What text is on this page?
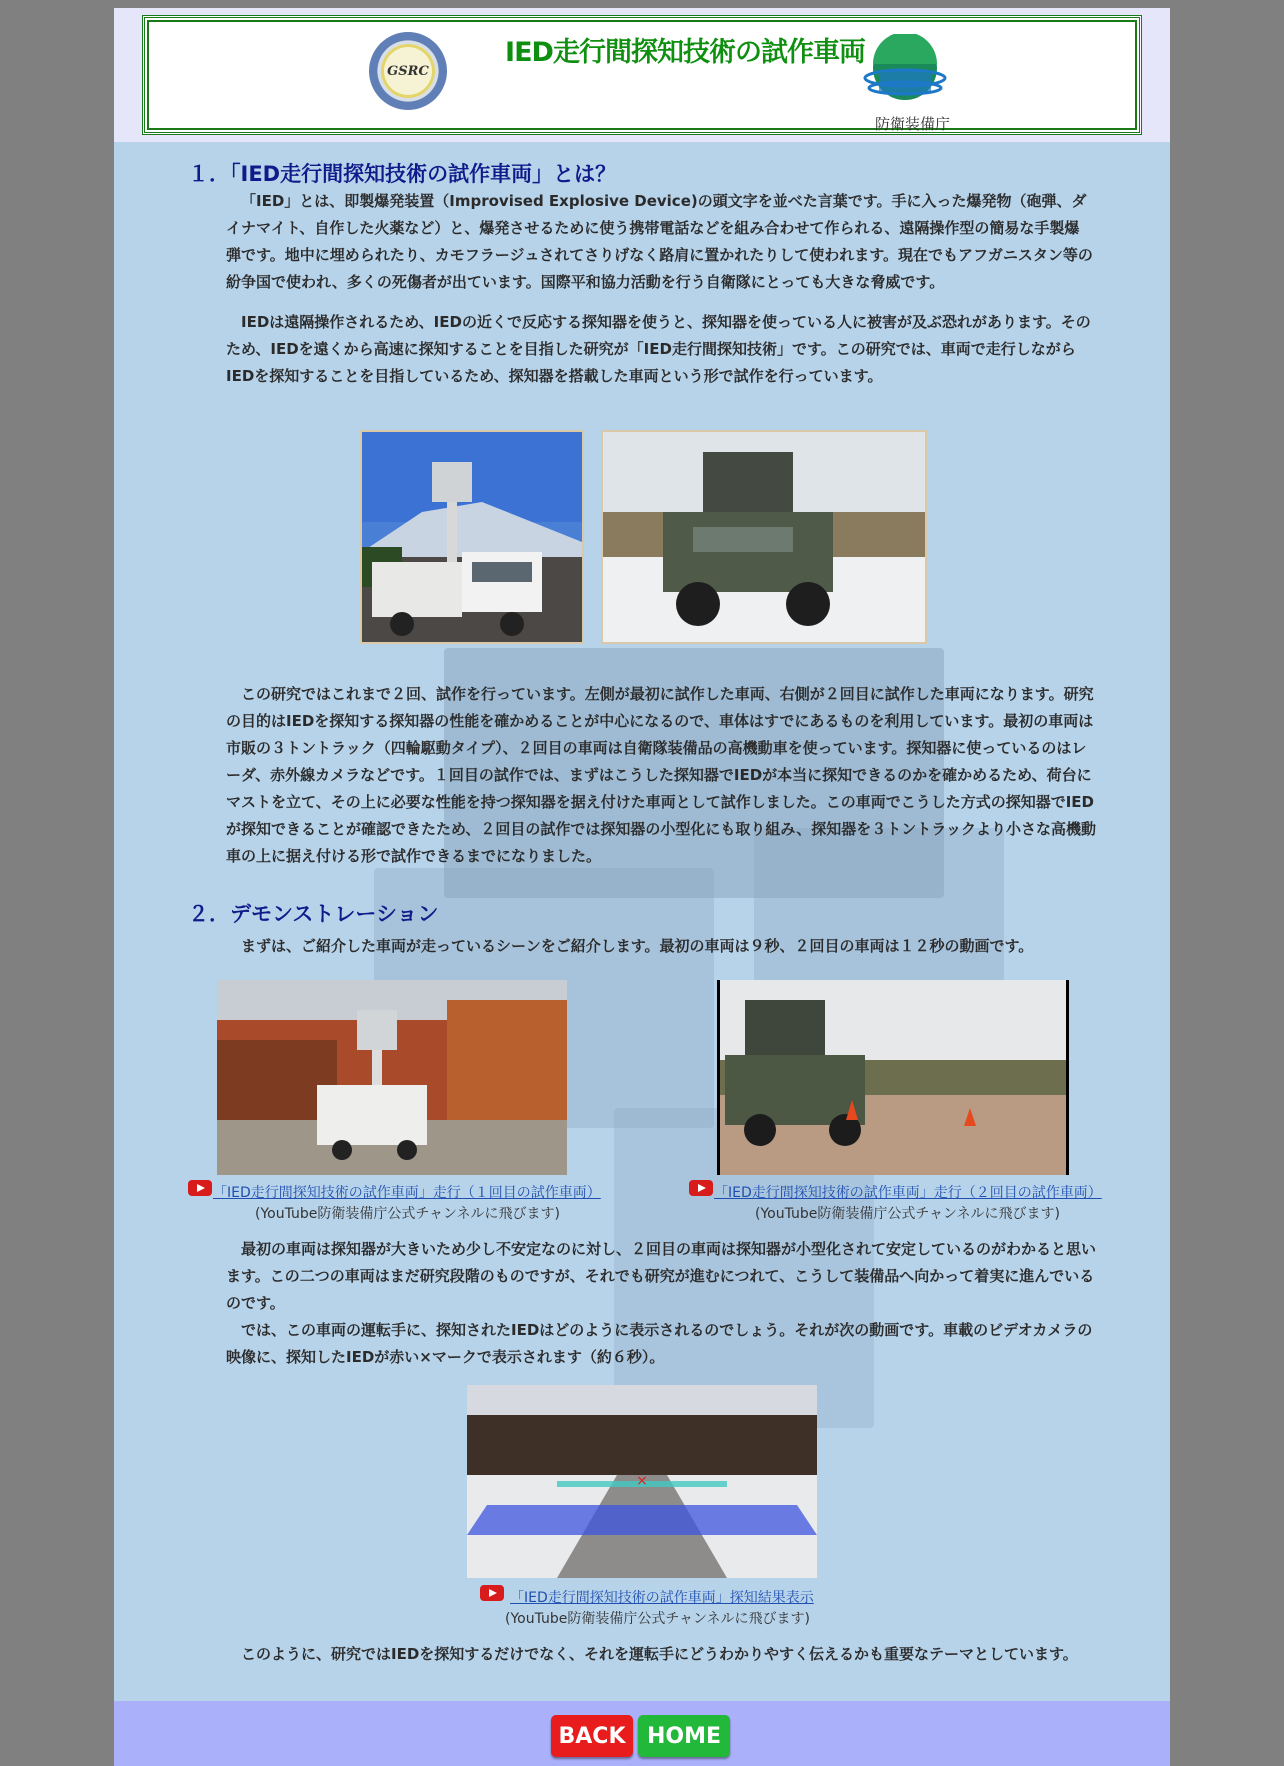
GSRC
IED走行間探知技術の試作車両
防衛装備庁
１．「IED走行間探知技術の試作車両」とは？

「IED」とは、即製爆発装置（Improvised Explosive Device)の頭文字を並べた言葉です。手に入った爆発物（砲弾、ダイナマイト、自作した火薬など）と、爆発させるために使う携帯電話などを組み合わせて作られる、遠隔操作型の簡易な手製爆弾です。地中に埋められたり、カモフラージュされてさりげなく路肩に置かれたりして使われます。現在でもアフガニスタン等の紛争国で使われ、多くの死傷者が出ています。国際平和協力活動を行う自衛隊にとっても大きな脅威です。

IEDは遠隔操作されるため、IEDの近くで反応する探知器を使うと、探知器を使っている人に被害が及ぶ恐れがあります。そのため、IEDを遠くから高速に探知することを目指した研究が「IED走行間探知技術」です。この研究では、車両で走行しながらIEDを探知することを目指しているため、探知器を搭載した車両という形で試作を行っています。

この研究ではこれまで２回、試作を行っています。左側が最初に試作した車両、右側が２回目に試作した車両になります。研究の目的はIEDを探知する探知器の性能を確かめることが中心になるので、車体はすでにあるものを利用しています。最初の車両は市販の３トントラック（四輪駆動タイプ）、２回目の車両は自衛隊装備品の高機動車を使っています。探知器に使っているのはレーダ、赤外線カメラなどです。１回目の試作では、まずはこうした探知器でIEDが本当に探知できるのかを確かめるため、荷台にマストを立て、その上に必要な性能を持つ探知器を据え付けた車両として試作しました。この車両でこうした方式の探知器でIEDが探知できることが確認できたため、２回目の試作では探知器の小型化にも取り組み、探知器を３トントラックより小さな高機動車の上に据え付ける形で試作できるまでになりました。

２．デモンストレーション

まずは、ご紹介した車両が走っているシーンをご紹介します。最初の車両は９秒、２回目の車両は１２秒の動画です。

「IED走行間探知技術の試作車両」走行（１回目の試作車両）
(YouTube防衛装備庁公式チャンネルに飛びます)
「IED走行間探知技術の試作車両」走行（２回目の試作車両）
(YouTube防衛装備庁公式チャンネルに飛びます)

最初の車両は探知器が大きいため少し不安定なのに対し、２回目の車両は探知器が小型化されて安定しているのがわかると思います。この二つの車両はまだ研究段階のものですが、それでも研究が進むにつれて、こうして装備品へ向かって着実に進んでいるのです。

では、この車両の運転手に、探知されたIEDはどのように表示されるのでしょう。それが次の動画です。車載のビデオカメラの映像に、探知したIEDが赤い×マークで表示されます（約６秒）。

×
「IED走行間探知技術の試作車両」探知結果表示
(YouTube防衛装備庁公式チャンネルに飛びます)

このように、研究ではIEDを探知するだけでなく、それを運転手にどうわかりやすく伝えるかも重要なテーマとしています。

BACK HOME
